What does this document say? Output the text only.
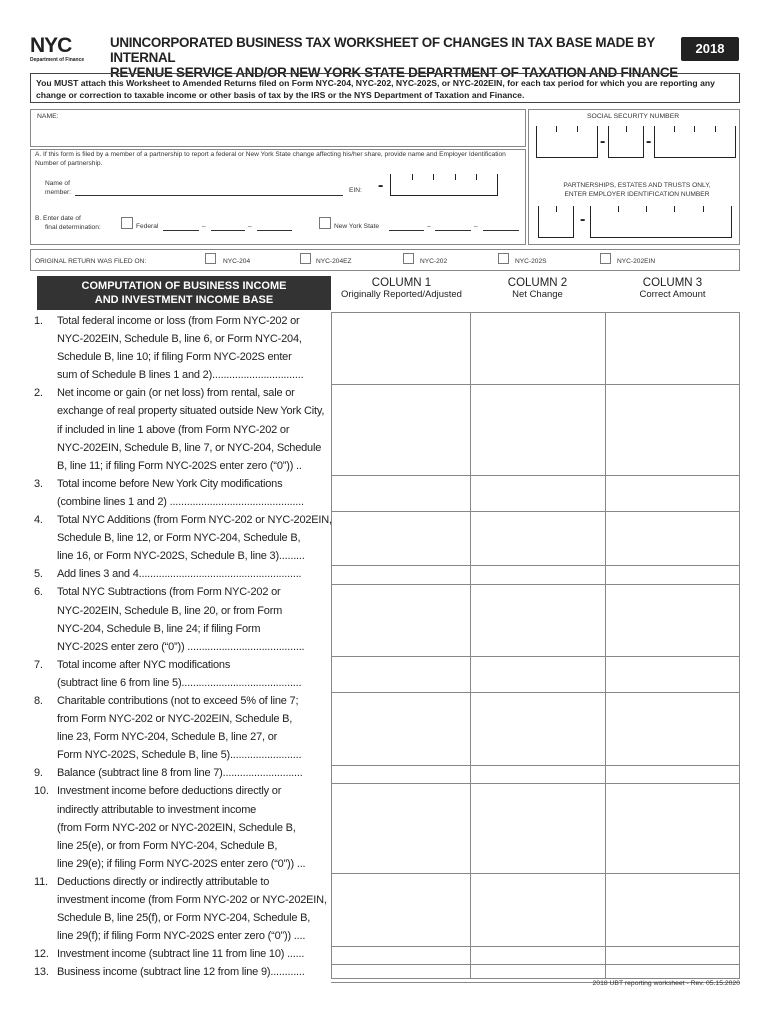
NYC
Department of Finance
UNINCORPORATED BUSINESS TAX WORKSHEET OF CHANGES IN TAX BASE MADE BY INTERNAL
REVENUE SERVICE AND/OR NEW YORK STATE DEPARTMENT OF TAXATION AND FINANCE
2018
You MUST attach this Worksheet to Amended Returns filed on Form NYC-204, NYC-202, NYC-202S, or NYC-202EIN, for each tax period for which you are reporting any change or correction to taxable income or other basis of tax by the IRS or the NYS Department of Taxation and Finance.
NAME:	SOCIAL SECURITY NUMBER
-	-
A. If this form is filed by a member of a partnership to report a federal or New York State change affecting his/her share, provide name and Employer Identification Number of partnership.
Name of
member:	EIN: -	PARTNERSHIPS, ESTATES AND TRUSTS ONLY,
ENTER EMPLOYER IDENTIFICATION NUMBER
-
B. Enter date of
final determination:	Federal	–	–	New York State	–	–
ORIGINAL RETURN WAS FILED ON:	NYC-204	NYC-204EZ	NYC-202	NYC-202S	NYC-202EIN
COMPUTATION OF BUSINESS INCOME
AND INVESTMENT INCOME BASE
COLUMN 1
Originally Reported/Adjusted
COLUMN 2
Net Change
COLUMN 3
Correct Amount
1.	Total federal income or loss (from Form NYC-202 or
NYC-202EIN, Schedule B, line 6, or Form NYC-204,
Schedule B, line 10; if filing Form NYC-202S enter
sum of Schedule B lines 1 and 2)................................
2.	Net income or gain (or net loss) from rental, sale or
exchange of real property situated outside New York City,
if included in line 1 above (from Form NYC-202 or
NYC-202EIN, Schedule B, line 7, or NYC-204, Schedule
B, line 11; if filing Form NYC-202S enter zero (“0”)) ..
3.	Total income before New York City modifications
(combine lines 1 and 2) ...............................................
4.	Total NYC Additions (from Form NYC-202 or NYC-202EIN,
Schedule B, line 12, or Form NYC-204, Schedule B,
line 16, or Form NYC-202S, Schedule B, line 3).........
5.	Add lines 3 and 4.........................................................
6.	Total NYC Subtractions (from Form NYC-202 or
NYC-202EIN, Schedule B, line 20, or from Form
NYC-204, Schedule B, line 24; if filing Form
NYC-202S enter zero (“0”)) .........................................
7.	Total income after NYC modifications
(subtract line 6 from line 5)..........................................
8.	Charitable contributions (not to exceed 5% of line 7;
from Form NYC-202 or NYC-202EIN, Schedule B,
line 23, Form NYC-204, Schedule B, line 27, or
Form NYC-202S, Schedule B, line 5).........................
9.	Balance (subtract line 8 from line 7)............................
10. Investment income before deductions directly or
indirectly attributable to investment income
(from Form NYC-202 or NYC-202EIN, Schedule B,
line 25(e), or from Form NYC-204, Schedule B,
line 29(e); if filing Form NYC-202S enter zero (“0”)) ...
11. Deductions directly or indirectly attributable to
investment income (from Form NYC-202 or NYC-202EIN,
Schedule B, line 25(f), or Form NYC-204, Schedule B,
line 29(f); if filing Form NYC-202S enter zero (“0”)) ....
12. Investment income (subtract line 11 from line 10) ......
13. Business income (subtract line 12 from line 9)............
2018 UBT reporting worksheet - Rev. 05.15.2020
